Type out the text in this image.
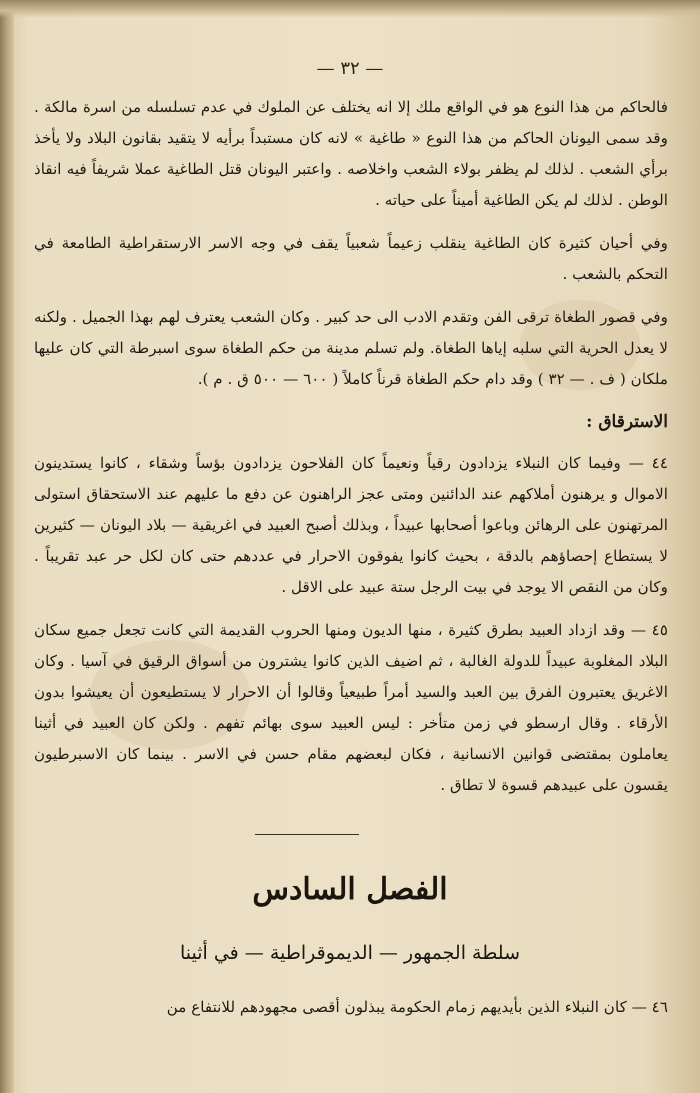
— ٣٢ —

فالحاكم من هذا النوع هو في الواقع ملك إلا انه يختلف عن الملوك في عدم تسلسله من اسرة مالكة . وقد سمى اليونان الحاكم من هذا النوع « طاغية » لانه كان مستبداً برأيه لا يتقيد بقانون البلاد ولا يأخذ برأي الشعب . لذلك لم يظفر بولاء الشعب واخلاصه . واعتبر اليونان قتل الطاغية عملا شريفاً فيه انقاذ الوطن . لذلك لم يكن الطاغية أميناً على حياته .

وفي أحيان كثيرة كان الطاغية ينقلب زعيماً شعبياً يقف في وجه الاسر الارستقراطية الطامعة في التحكم بالشعب .

وفي قصور الطغاة ترقى الفن وتقدم الادب الى حد كبير . وكان الشعب يعترف لهم بهذا الجميل . ولكنه لا يعدل الحرية التي سلبه إياها الطغاة. ولم تسلم مدينة من حكم الطغاة سوى اسبرطة التي كان عليها ملكان ( ف . — ٣٢ ) وقد دام حكم الطغاة قرناً كاملاً ( ٦٠٠ — ٥٠٠ ق . م ).

الاسترقاق :

٤٤ — وفيما كان النبلاء يزدادون رقياً ونعيماً كان الفلاحون يزدادون بؤساً وشقاء ، كانوا يستدينون الاموال و يرهنون أملاكهم عند الدائنين ومتى عجز الراهنون عن دفع ما عليهم عند الاستحقاق استولى المرتهنون على الرهائن وباعوا أصحابها عبيداً ، وبذلك أصبح العبيد في اغريقية — بلاد اليونان — كثيرين لا يستطاع إحصاؤهم بالدقة ، بحيث كانوا يفوقون الاحرار في عددهم حتى كان لكل حر عبد تقريباً . وكان من النقص الا يوجد في بيت الرجل ستة عبيد على الاقل .

٤٥ — وقد ازداد العبيد بطرق كثيرة ، منها الديون ومنها الحروب القديمة التي كانت تجعل جميع سكان البلاد المغلوبة عبيداً للدولة الغالبة ، ثم اضيف الذين كانوا يشترون من أسواق الرقيق في آسيا . وكان الاغريق يعتبرون الفرق بين العبد والسيد أمراً طبيعياً وقالوا أن الاحرار لا يستطيعون أن يعيشوا بدون الأرقاء . وقال ارسطو في زمن متأخر : ليس العبيد سوى بهائم تفهم . ولكن كان العبيد في أثينا يعاملون بمقتضى قوانين الانسانية ، فكان لبعضهم مقام حسن في الاسر . بينما كان الاسبرطيون يقسون على عبيدهم قسوة لا تطاق .

الفصل السادس
سلطة الجمهور — الديموقراطية — في أثينا
٤٦ — كان النبلاء الذين بأيديهم زمام الحكومة يبذلون أقصى مجهودهم للانتفاع من
